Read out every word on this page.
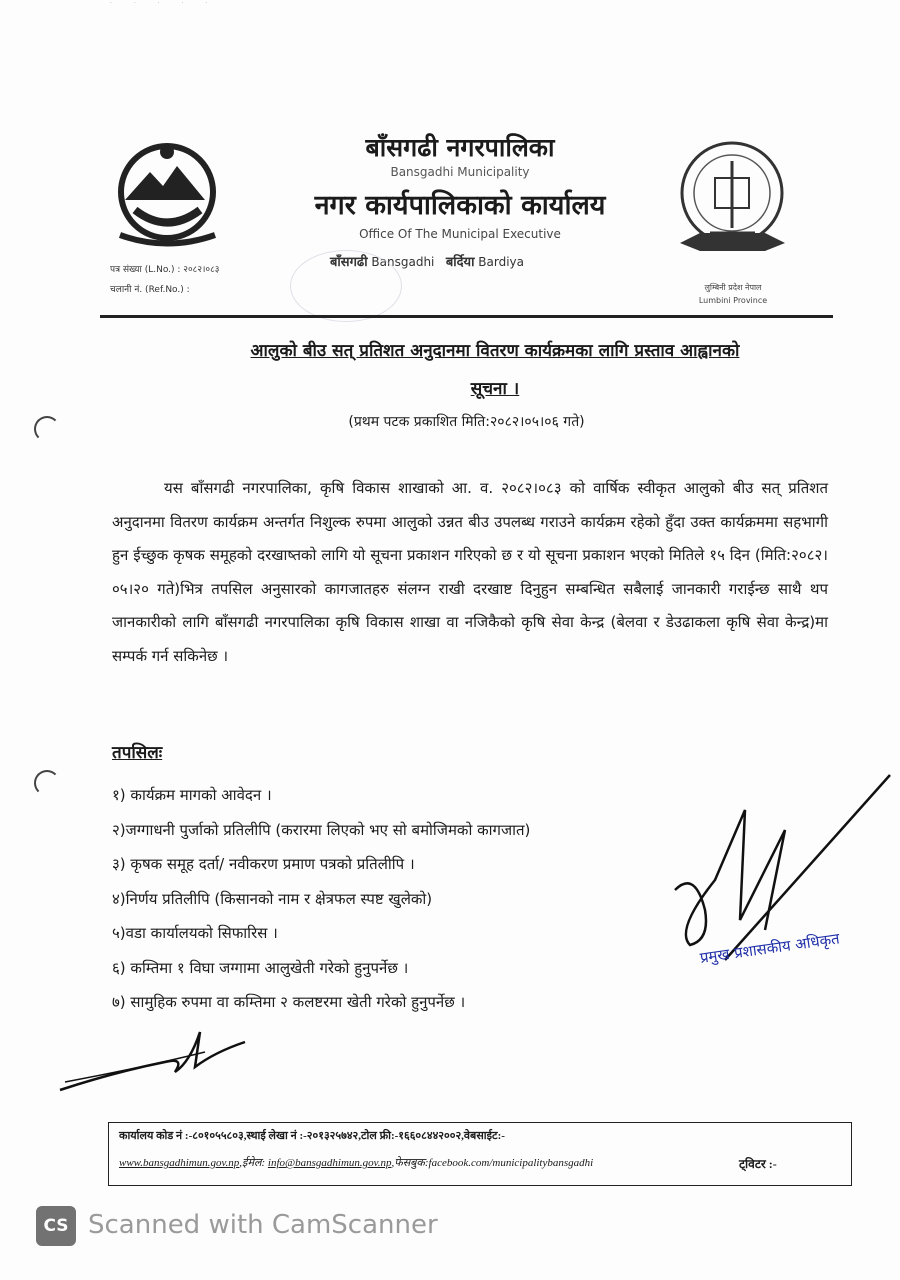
· · · · ·
बाँसगढी नगरपालिका
Bansgadhi Municipality
नगर कार्यपालिकाको कार्यालय
Office Of The Municipal Executive
बाँसगढी Bansgadhi बर्दिया Bardiya
पत्र संख्या (L.No.) : २०८२।०८३
चलानी नं. (Ref.No.) :	लुम्बिनी प्रदेश नेपाल
Lumbini Province
आलुको बीउ सत् प्रतिशत अनुदानमा वितरण कार्यक्रमका लागि प्रस्ताव आह्वानको
सूचना ।
(प्रथम पटक प्रकाशित मिति:२०८२।०५।०६ गते)
यस बाँसगढी नगरपालिका, कृषि विकास शाखाको आ. व. २०८२।०८३ को वार्षिक स्वीकृत आलुको बीउ सत् प्रतिशत अनुदानमा वितरण कार्यक्रम अन्तर्गत निशुल्क रुपमा आलुको उन्नत बीउ उपलब्ध गराउने कार्यक्रम रहेको हुँदा उक्त कार्यक्रममा सहभागी हुन ईच्छुक कृषक समूहको दरखाष्तको लागि यो सूचना प्रकाशन गरिएको छ र यो सूचना प्रकाशन भएको मितिले १५ दिन (मिति:२०८२।०५।२० गते)भित्र तपसिल अनुसारको कागजातहरु संलग्न राखी दरखाष्ट दिनुहुन सम्बन्धित सबैलाई जानकारी गराईन्छ साथै थप जानकारीको लागि बाँसगढी नगरपालिका कृषि विकास शाखा वा नजिकैको कृषि सेवा केन्द्र (बेलवा र डेउढाकला कृषि सेवा केन्द्र)मा सम्पर्क गर्न सकिनेछ ।
तपसिलः
१) कार्यक्रम मागको आवेदन ।
२)जग्गाधनी पुर्जाको प्रतिलीपि (करारमा लिएको भए सो बमोजिमको कागजात)
३) कृषक समूह दर्ता/ नवीकरण प्रमाण पत्रको प्रतिलीपि ।
४)निर्णय प्रतिलीपि (किसानको नाम र क्षेत्रफल स्पष्ट खुलेको)
५)वडा कार्यालयको सिफारिस ।
६) कम्तिमा १ विघा जग्गामा आलुखेती गरेको हुनुपर्नेछ ।
७) सामुहिक रुपमा वा कम्तिमा २ कलष्टरमा खेती गरेको हुनुपर्नेछ ।
प्रमुख प्रशासकीय अधिकृत
कार्यालय कोड नं :-८०१०५५८०३,स्थाई लेखा नं :-२०१३२५७४२,टोल फ्री:-१६६०८४४२००२,वेबसाईट:-
www.bansgadhimun.gov.np,ईमेल: info@bansgadhimun.gov.np,फेसबुक:facebook.com/municipalitybansgadhi	ट्विटर :-
CS Scanned with CamScanner
